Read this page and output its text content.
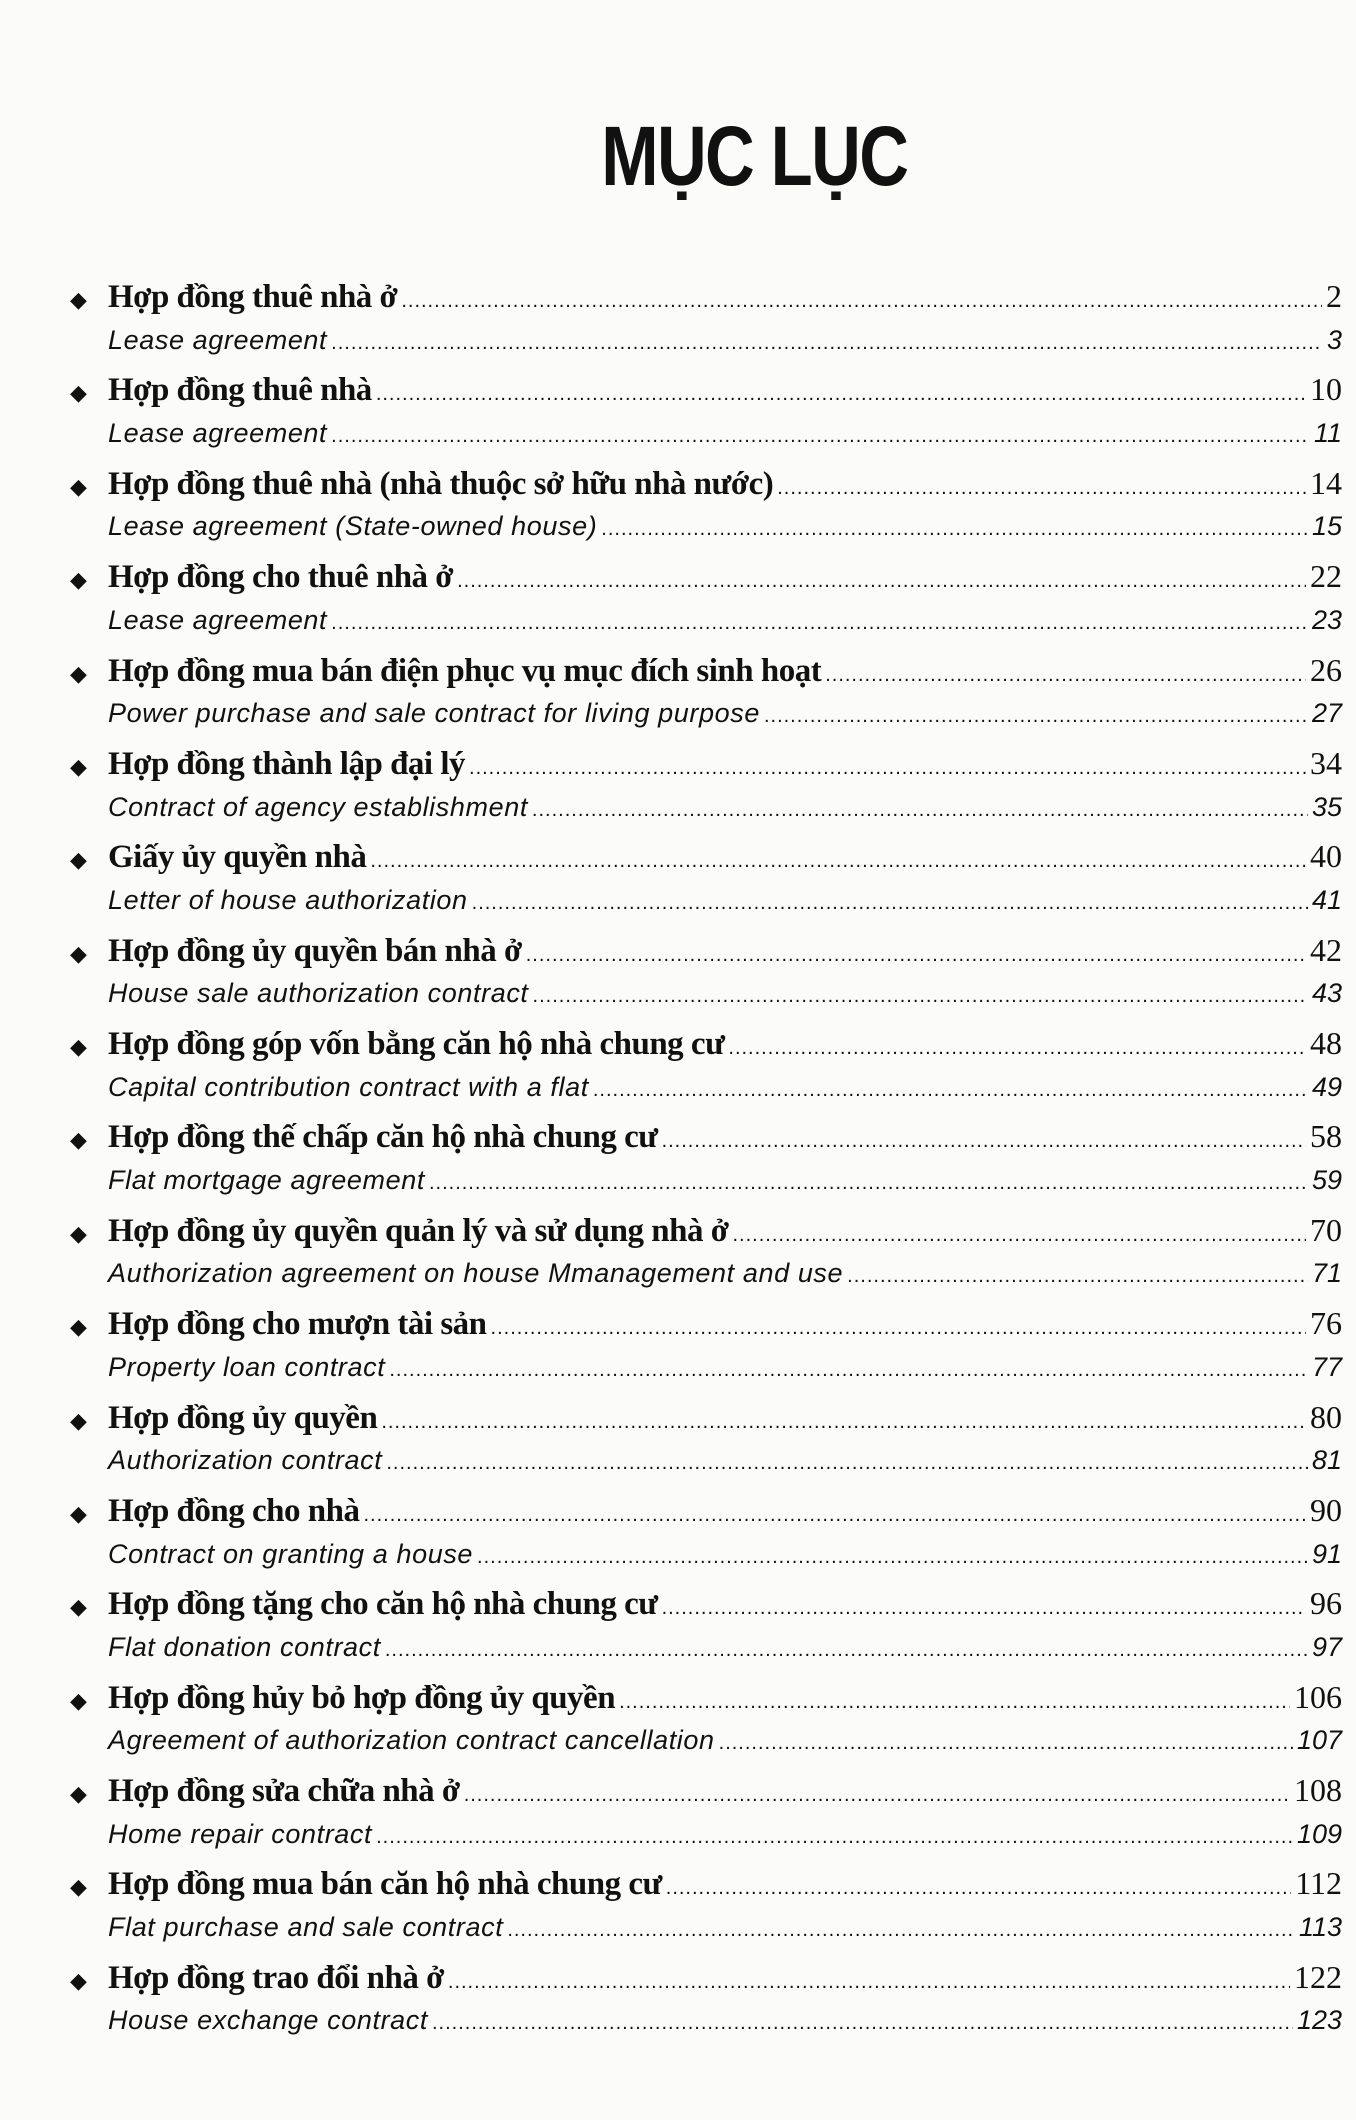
MỤC LỤC
◆ Hợp đồng thuê nhà ở .....	2
Lease agreement .....	3
◆ Hợp đồng thuê nhà .....	10
Lease agreement .....	11
◆ Hợp đồng thuê nhà (nhà thuộc sở hữu nhà nước) .....	14
Lease agreement (State-owned house) .....	15
◆ Hợp đồng cho thuê nhà ở .....	22
Lease agreement .....	23
◆ Hợp đồng mua bán điện phục vụ mục đích sinh hoạt .....	26
Power purchase and sale contract for living purpose .....	27
◆ Hợp đồng thành lập đại lý .....	34
Contract of agency establishment .....	35
◆ Giấy ủy quyền nhà .....	40
Letter of house authorization .....	41
◆ Hợp đồng ủy quyền bán nhà ở .....	42
House sale authorization contract .....	43
◆ Hợp đồng góp vốn bằng căn hộ nhà chung cư .....	48
Capital contribution contract with a flat .....	49
◆ Hợp đồng thế chấp căn hộ nhà chung cư .....	58
Flat mortgage agreement .....	59
◆ Hợp đồng ủy quyền quản lý và sử dụng nhà ở .....	70
Authorization agreement on house Mmanagement and use .....	71
◆ Hợp đồng cho mượn tài sản .....	76
Property loan contract .....	77
◆ Hợp đồng ủy quyền .....	80
Authorization contract .....	81
◆ Hợp đồng cho nhà .....	90
Contract on granting a house .....	91
◆ Hợp đồng tặng cho căn hộ nhà chung cư .....	96
Flat donation contract .....	97
◆ Hợp đồng hủy bỏ hợp đồng ủy quyền .....	106
Agreement of authorization contract cancellation .....	107
◆ Hợp đồng sửa chữa nhà ở .....	108
Home repair contract .....	109
◆ Hợp đồng mua bán căn hộ nhà chung cư .....	112
Flat purchase and sale contract .....	113
◆ Hợp đồng trao đổi nhà ở .....	122
House exchange contract .....	123
